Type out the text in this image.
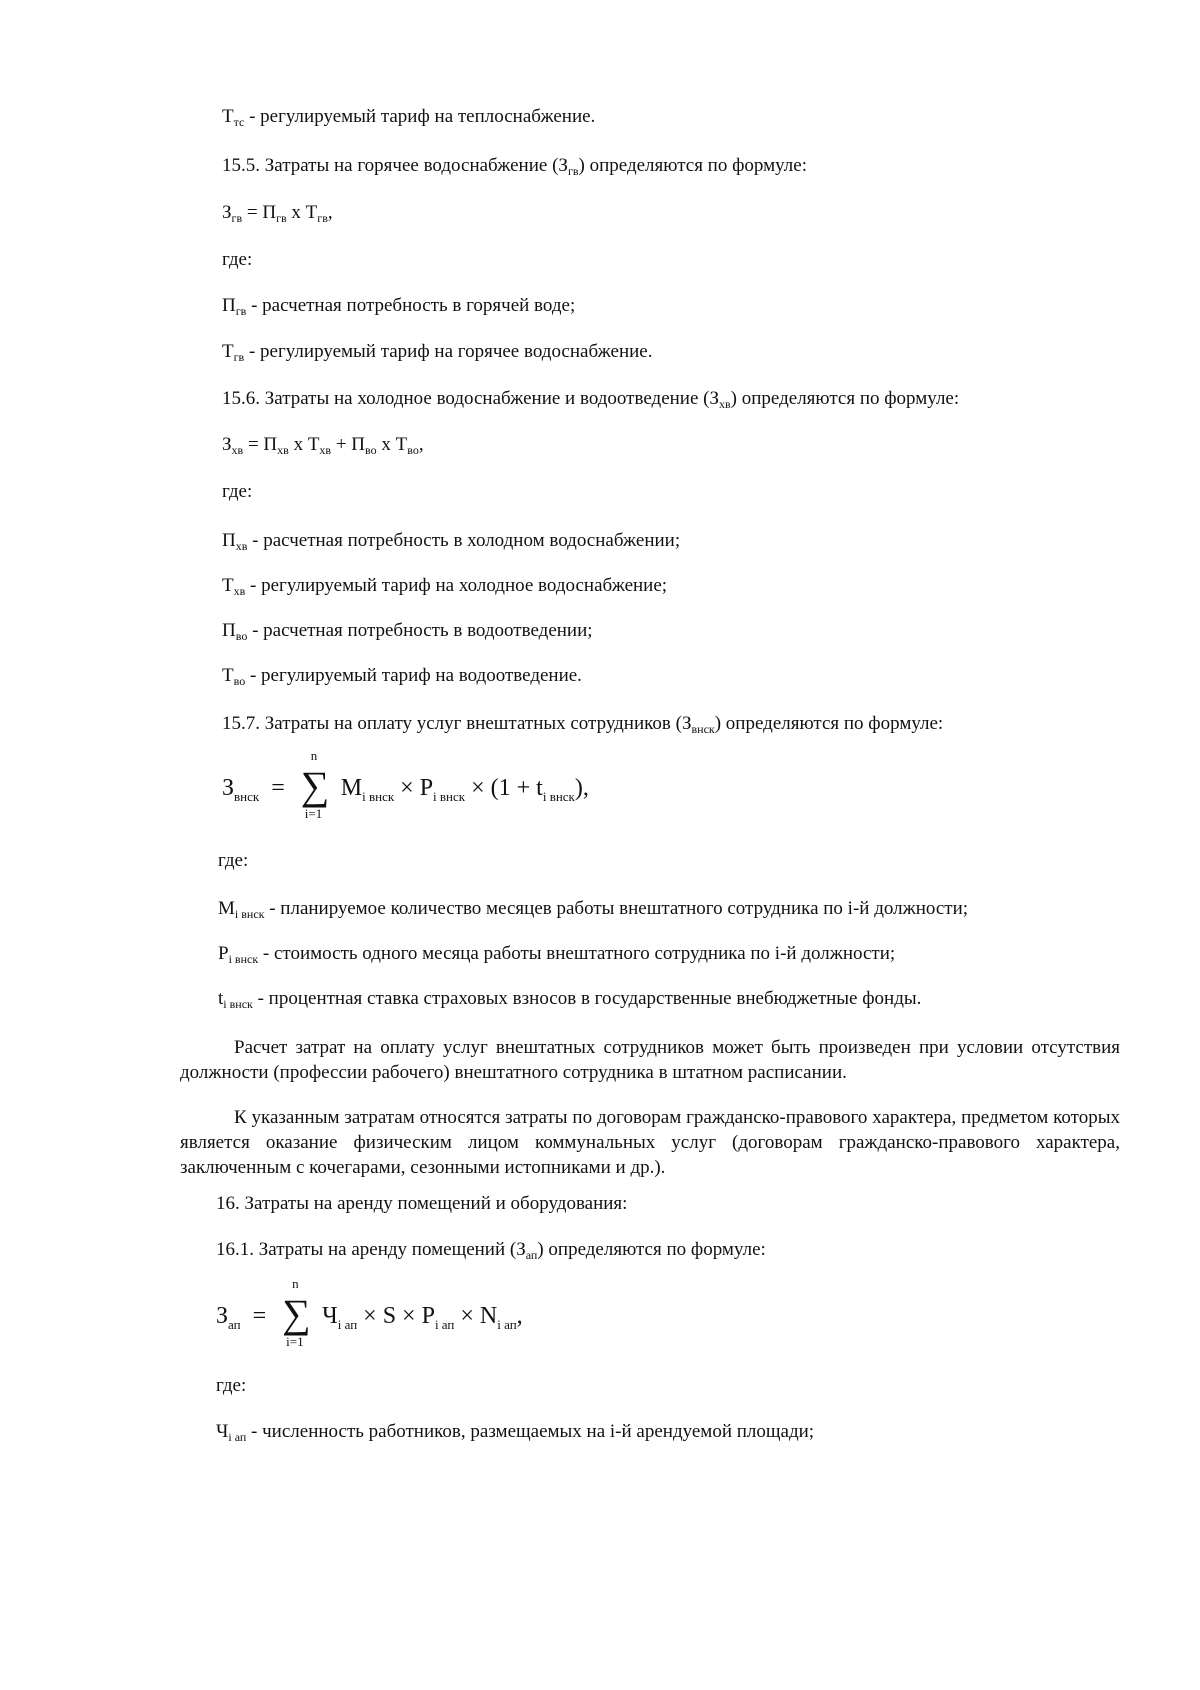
$Т_{тс}$ - регулируемый тариф на теплоснабжение.
15.5. Затраты на горячее водоснабжение $(З_{гв})$ определяются по формуле:
$З_{гв} = П_{гв}$ х $Т_{гв}$,
где:
$П_{гв}$ - расчетная потребность в горячей воде;
$Т_{гв}$ - регулируемый тариф на горячее водоснабжение.
15.6. Затраты на холодное водоснабжение и водоотведение $(З_{хв})$ определяются по формуле:
$З_{хв} = П_{хв}$ х $Т_{хв} + П_{во}$ х $Т_{во}$,
где:
$П_{хв}$ - расчетная потребность в холодном водоснабжении;
$Т_{хв}$ - регулируемый тариф на холодное водоснабжение;
$П_{во}$ - расчетная потребность в водоотведении;
$Т_{во}$ - регулируемый тариф на водоотведение.
15.7. Затраты на оплату услуг внештатных сотрудников $(З_{внск})$ определяются по формуле:
$З_{внск}$ =
n
∑
i=1
$M_{i внск} \times P_{i внск} \times (1 + t_{i внск})$,
где:
$M_{i внск}$ - планируемое количество месяцев работы внештатного сотрудника по i-й должности;
$P_{i внск}$ - стоимость одного месяца работы внештатного сотрудника по i-й должности;
$t_{i внск}$ - процентная ставка страховых взносов в государственные внебюджетные фонды.
Расчет затрат на оплату услуг внештатных сотрудников может быть произведен при условии отсутствия должности (профессии рабочего) внештатного сотрудника в штатном расписании.
К указанным затратам относятся затраты по договорам гражданско-правового характера, предметом которых является оказание физическим лицом коммунальных услуг (договорам гражданско-правового характера, заключенным с кочегарами, сезонными истопниками и др.).
16. Затраты на аренду помещений и оборудования:
16.1. Затраты на аренду помещений $(З_{ап})$ определяются по формуле:
$З_{ап}$ =
n
∑
i=1
$Ч_{i ап} \times S \times P_{i ап} \times N_{i ап}$,
где:
$Ч_{i ап}$ - численность работников, размещаемых на i-й арендуемой площади;
